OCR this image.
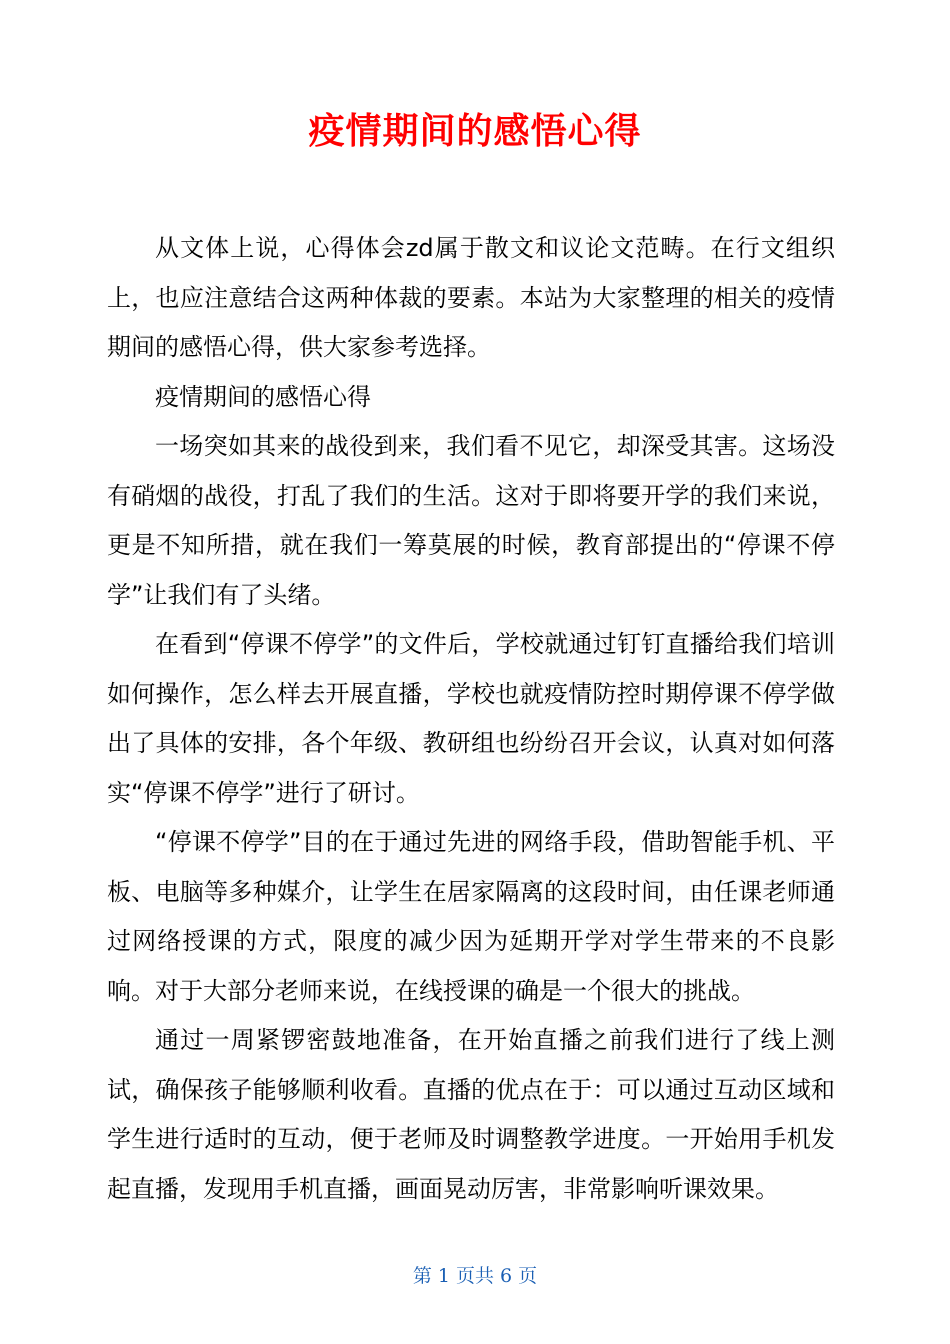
疫情期间的感悟心得

从文体上说，心得体会zd属于散文和议论文范畴。在行文组织上，也应注意结合这两种体裁的要素。本站为大家整理的相关的疫情期间的感悟心得，供大家参考选择。

疫情期间的感悟心得

一场突如其来的战役到来，我们看不见它，却深受其害。这场没有硝烟的战役，打乱了我们的生活。这对于即将要开学的我们来说，更是不知所措，就在我们一筹莫展的时候，教育部提出的“停课不停学”让我们有了头绪。

在看到“停课不停学”的文件后，学校就通过钉钉直播给我们培训如何操作，怎么样去开展直播，学校也就疫情防控时期停课不停学做出了具体的安排，各个年级、教研组也纷纷召开会议，认真对如何落实“停课不停学”进行了研讨。

“停课不停学”目的在于通过先进的网络手段，借助智能手机、平板、电脑等多种媒介，让学生在居家隔离的这段时间，由任课老师通过网络授课的方式，限度的减少因为延期开学对学生带来的不良影响。对于大部分老师来说，在线授课的确是一个很大的挑战。

通过一周紧锣密鼓地准备，在开始直播之前我们进行了线上测试，确保孩子能够顺利收看。直播的优点在于：可以通过互动区域和学生进行适时的互动，便于老师及时调整教学进度。一开始用手机发起直播，发现用手机直播，画面晃动厉害，非常影响听课效果。

第 1 页共 6 页
